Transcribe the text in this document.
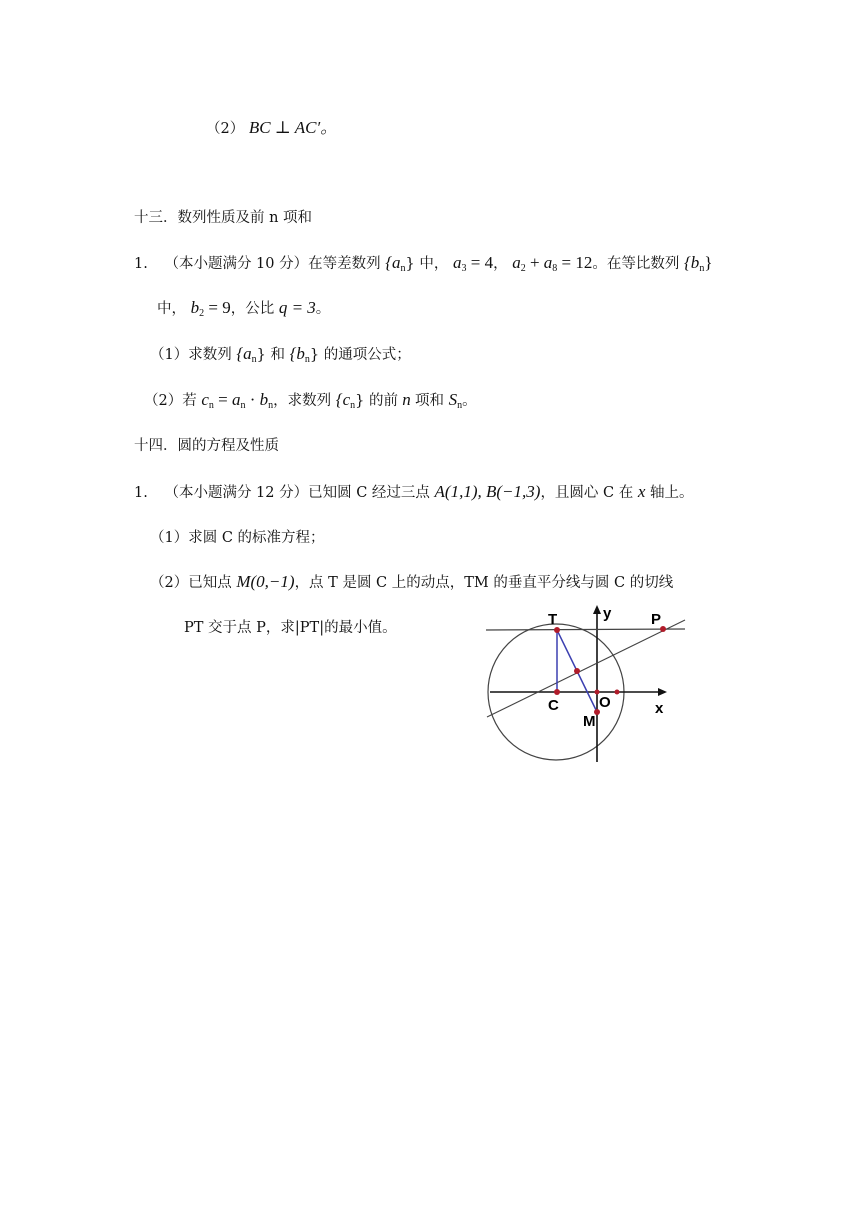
（2） BC ⊥ AC′。
十三．数列性质及前 n 项和
1. （本小题满分 10 分）在等差数列 $\{a_n\}$ 中， $a_3 = 4$， $a_2 + a_8 = 12$。在等比数列 $\{b_n\}$
中， $b_2 = 9$，公比 q = 3。
（1）求数列 $\{a_n\}$ 和 $\{b_n\}$ 的通项公式；
（2）若 $c_n = a_n \cdot b_n$，求数列 $\{c_n\}$ 的前 n 项和 $S_n$。
十四．圆的方程及性质
1. （本小题满分 12 分）已知圆 C 经过三点 A(1,1), B(−1,3)，且圆心 C 在 x 轴上。
（1）求圆 C 的标准方程；
（2）已知点 M(0,−1)，点 T 是圆 C 上的动点，TM 的垂直平分线与圆 C 的切线
PT 交于点 P，求|PT|的最小值。	T	y	P
C	O
M
x
